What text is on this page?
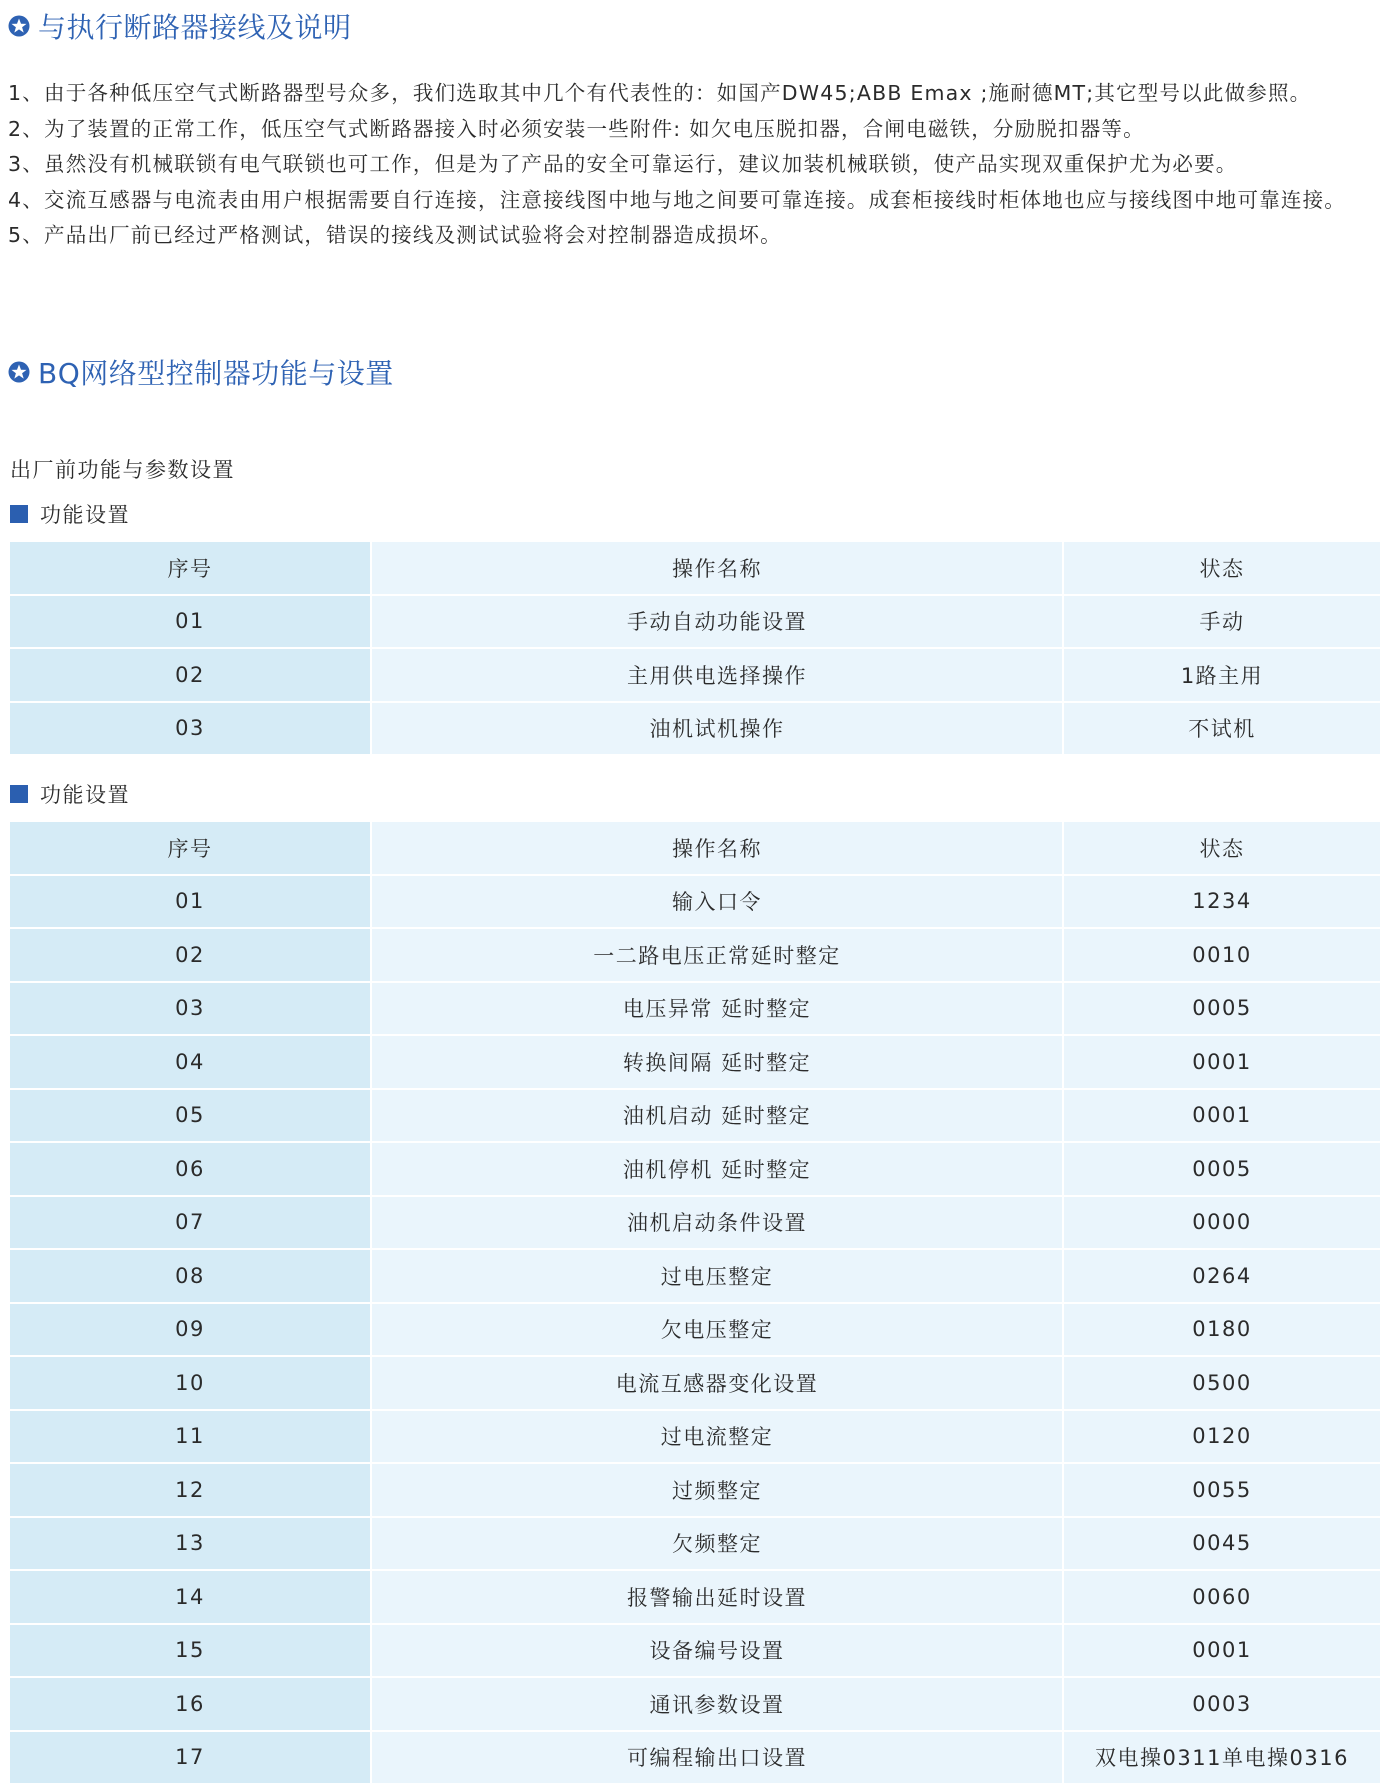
与执行断路器接线及说明
1、 由于各种低压空气式断路器型号众多，我们选取其中几个有代表性的：如国产DW45;ABB Emax ;施耐德MT;其它型号以此做参照。
2、 为了装置的正常工作，低压空气式断路器接入时必须安装一些附件: 如欠电压脱扣器，合闸电磁铁，分励脱扣器等。
3、 虽然没有机械联锁有电气联锁也可工作，但是为了产品的安全可靠运行，建议加装机械联锁，使产品实现双重保护尤为必要。
4、 交流互感器与电流表由用户根据需要自行连接，注意接线图中地与地之间要可靠连接。成套柜接线时柜体地也应与接线图中地可靠连接。
5、 产品出厂前已经过严格测试，错误的接线及测试试验将会对控制器造成损坏。
BQ网络型控制器功能与设置
出厂前功能与参数设置
功能设置
序号	操作名称	状态
01	手动自动功能设置	手动
02	主用供电选择操作	1路主用
03	油机试机操作	不试机
功能设置
序号	操作名称	状态
01	输入口令	1234
02	一二路电压正常延时整定	0010
03	电压异常 延时整定	0005
04	转换间隔 延时整定	0001
05	油机启动 延时整定	0001
06	油机停机 延时整定	0005
07	油机启动条件设置	0000
08	过电压整定	0264
09	欠电压整定	0180
10	电流互感器变化设置	0500
11	过电流整定	0120
12	过频整定	0055
13	欠频整定	0045
14	报警输出延时设置	0060
15	设备编号设置	0001
16	通讯参数设置	0003
17	可编程输出口设置	双电操0311单电操0316
